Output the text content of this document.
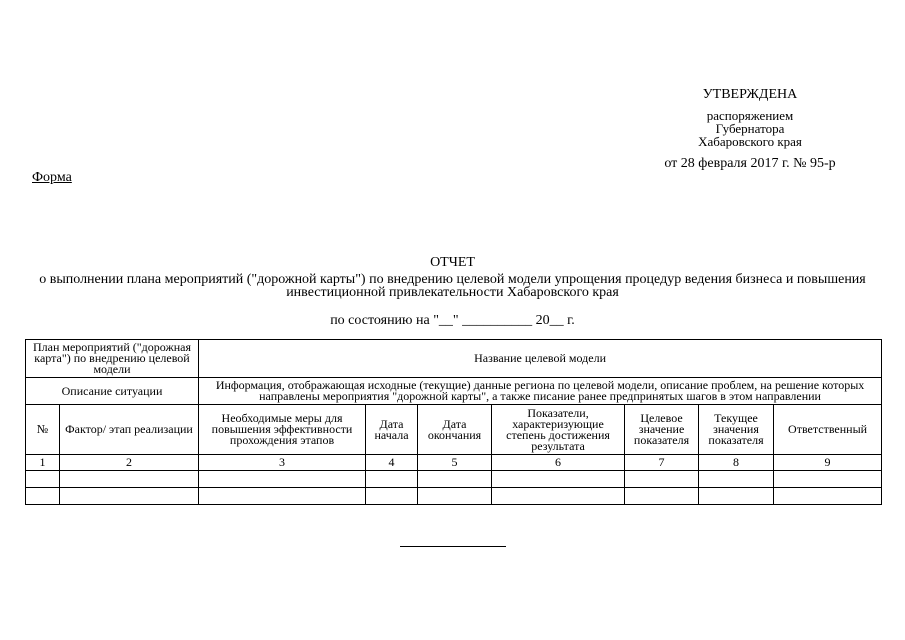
УТВЕРЖДЕНА
распоряжением
Губернатора
Хабаровского края
от 28 февраля 2017 г. № 95-р
Форма
ОТЧЕТ
о выполнении плана мероприятий ("дорожной карты") по внедрению целевой модели упрощения процедур ведения бизнеса и повышения инвестиционной привлекательности Хабаровского края
по состоянию на "__" __________ 20__ г.
План мероприятий ("дорожная карта") по внедрению целевой модели		Название целевой модели						
Описание ситуации		Информация, отображающая исходные (текущие) данные региона по целевой модели, описание проблем, на решение которых направлены мероприятия "дорожной карты", а также писание ранее предпринятых шагов в этом направлении						
№	Фактор/ этап реализации	Необходимые меры для повышения эффективности прохождения этапов	Дата начала	Дата окончания	Показатели, характеризующие степень достижения результата	Целевое значение показателя	Текущее значения показателя	Ответственный
1	2	3	4	5	6	7	8	9
